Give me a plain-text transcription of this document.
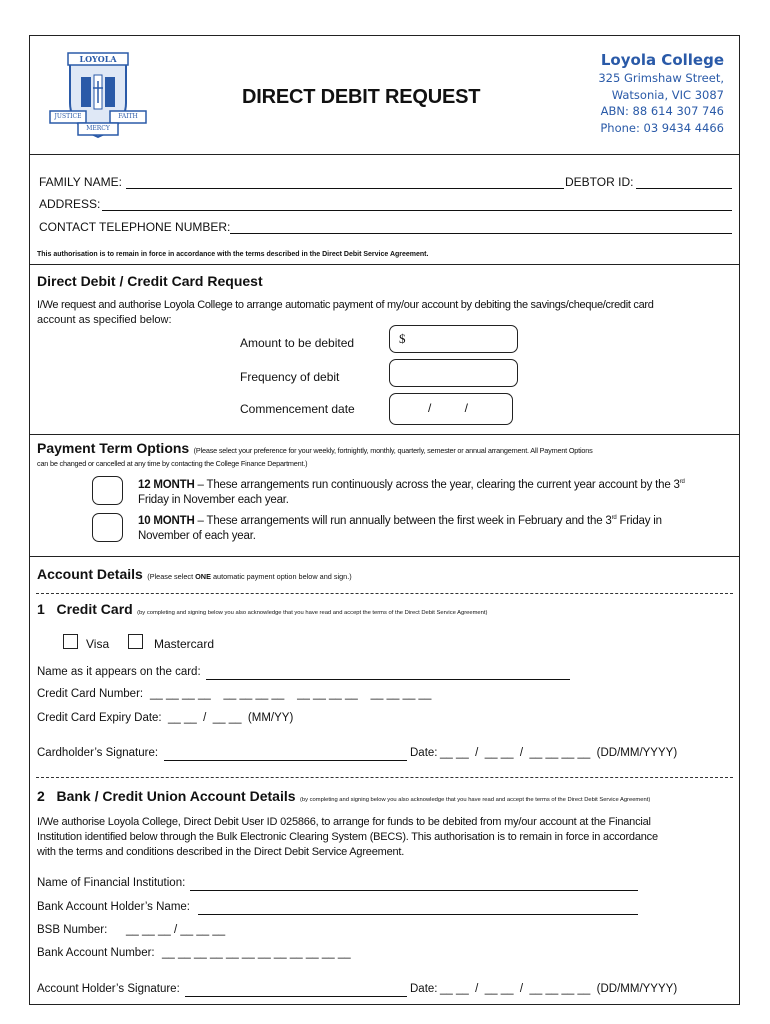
LOYOLA
JUSTICE	FAITH
MERCY
DIRECT DEBIT REQUEST
Loyola College
325 Grimshaw Street,
Watsonia, VIC 3087
ABN: 88 614 307 746
Phone: 03 9434 4466
FAMILY NAME:	DEBTOR ID:
ADDRESS:
CONTACT TELEPHONE NUMBER:
This authorisation is to remain in force in accordance with the terms described in the Direct Debit Service Agreement.
Direct Debit / Credit Card Request
I/We request and authorise Loyola College to arrange automatic payment of my/our account by debiting the savings/cheque/credit card
account as specified below:
Amount to be debited	$
Frequency of debit
Commencement date	/          /
Payment Term Options (Please select your preference for your weekly, fortnightly, monthly, quarterly, semester or annual arrangement. All Payment Options
can be changed or cancelled at any time by contacting the College Finance Department.)
12 MONTH – These arrangements run continuously across the year, clearing the current year account by the 3rd
Friday in November each year.
10 MONTH – These arrangements will run annually between the first week in February and the 3rd Friday in
November of each year.
Account Details (Please select ONE automatic payment option below and sign.)
1   Credit Card (by completing and signing below you also acknowledge that you have read and accept the terms of the Direct Debit Service Agreement)
Visa	Mastercard
Name as it appears on the card:
Credit Card Number: __ __ __ __    __ __ __ __    __ __ __ __    __ __ __ __
Credit Card Expiry Date: __ __  /  __ __  (MM/YY)
Cardholder’s Signature:	Date: __ __  /  __ __  /  __ __ __ __  (DD/MM/YYYY)
2   Bank / Credit Union Account Details (by completing and signing below you also acknowledge that you have read and accept the terms of the Direct Debit Service Agreement)
I/We authorise Loyola College, Direct Debit User ID 025866, to arrange for funds to be debited from my/our account at the Financial
Institution identified below through the Bulk Electronic Clearing System (BECS). This authorisation is to remain in force in accordance
with the terms and conditions described in the Direct Debit Service Agreement.
Name of Financial Institution:
Bank Account Holder’s Name:
BSB Number: __ __ __ / __ __ __
Bank Account Number: __ __ __ __ __ __ __ __ __ __ __ __
Account Holder’s Signature:	Date: __ __  /  __ __  /  __ __ __ __  (DD/MM/YYYY)
